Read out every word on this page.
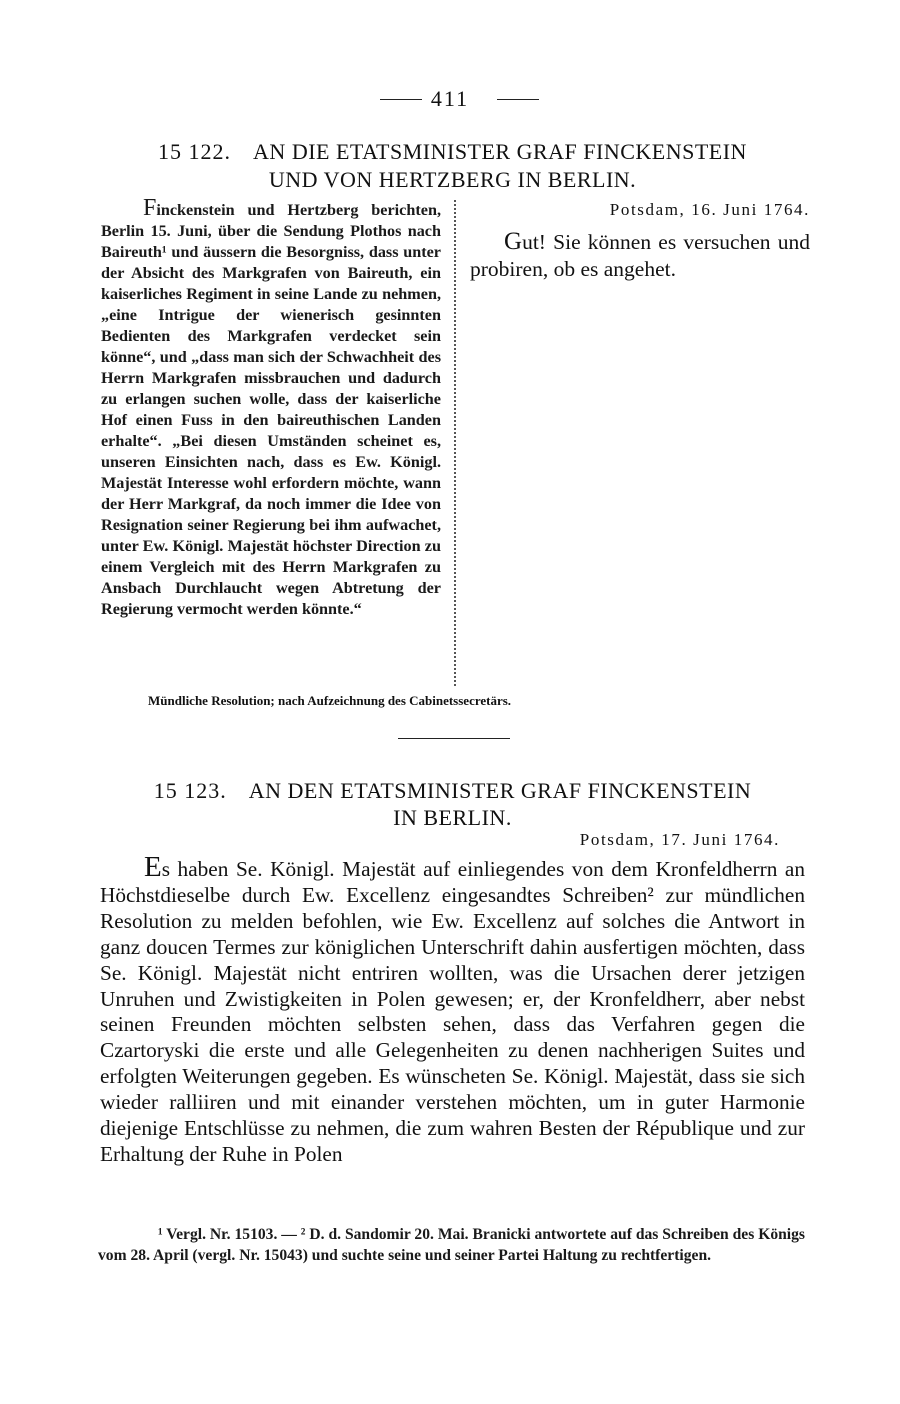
411
15 122. AN DIE ETATSMINISTER GRAF FINCKENSTEIN
UND VON HERTZBERG IN BERLIN.
Finckenstein und Hertzberg berichten, Berlin 15. Juni, über die Sendung Plothos nach Baireuth¹ und äussern die Besorgniss, dass unter der Absicht des Markgrafen von Baireuth, ein kaiserliches Regiment in seine Lande zu nehmen, „eine Intrigue der wienerisch gesinnten Bedienten des Markgrafen verdecket sein könne“, und „dass man sich der Schwachheit des Herrn Markgrafen missbrauchen und dadurch zu erlangen suchen wolle, dass der kaiserliche Hof einen Fuss in den baireuthischen Landen erhalte“. „Bei diesen Umständen scheinet es, unseren Einsichten nach, dass es Ew. Königl. Majestät Interesse wohl erfordern möchte, wann der Herr Markgraf, da noch immer die Idee von Resignation seiner Regierung bei ihm aufwachet, unter Ew. Königl. Majestät höchster Direction zu einem Vergleich mit des Herrn Markgrafen zu Ansbach Durchlaucht wegen Abtretung der Regierung vermocht werden könnte.“
Potsdam, 16. Juni 1764.
Gut! Sie können es versuchen und probiren, ob es angehet.
Mündliche Resolution; nach Aufzeichnung des Cabinetssecretärs.
15 123. AN DEN ETATSMINISTER GRAF FINCKENSTEIN
IN BERLIN.
Potsdam, 17. Juni 1764.
Es haben Se. Königl. Majestät auf einliegendes von dem Kronfeldherrn an Höchstdieselbe durch Ew. Excellenz eingesandtes Schreiben² zur mündlichen Resolution zu melden befohlen, wie Ew. Excellenz auf solches die Antwort in ganz doucen Termes zur königlichen Unterschrift dahin ausfertigen möchten, dass Se. Königl. Majestät nicht entriren wollten, was die Ursachen derer jetzigen Unruhen und Zwistigkeiten in Polen gewesen; er, der Kronfeldherr, aber nebst seinen Freunden möchten selbsten sehen, dass das Verfahren gegen die Czartoryski die erste und alle Gelegenheiten zu denen nachherigen Suites und erfolgten Weiterungen gegeben. Es wünscheten Se. Königl. Majestät, dass sie sich wieder ralliiren und mit einander verstehen möchten, um in guter Harmonie diejenige Entschlüsse zu nehmen, die zum wahren Besten der République und zur Erhaltung der Ruhe in Polen
¹ Vergl. Nr. 15103. — ² D. d. Sandomir 20. Mai. Branicki antwortete auf das Schreiben des Königs vom 28. April (vergl. Nr. 15043) und suchte seine und seiner Partei Haltung zu rechtfertigen.
